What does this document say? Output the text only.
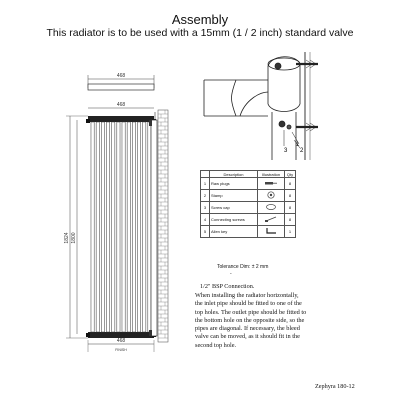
Assembly
This radiator is to be used with a 15mm (1 / 2 inch) standard valve
468
468
1824 1800
468
FINISH
3
1
2
	Description	Illustration	Qty
1	Raw plugs		8
2	Stamp		8
3	Screw cap		8
4	Connecting screws		8
5	Allen key		1
Tolerance Dim: ± 2 mm
-
1/2" BSP Connection.
When installing the radiator horizontally, the inlet pipe should be fitted to one of the top holes. The outlet pipe should be fitted to the bottom hole on the opposite side, so the pipes are diagonal. If necessary, the bleed valve can be moved, as it should fit in the second top hole.
Zephyra 180-12
